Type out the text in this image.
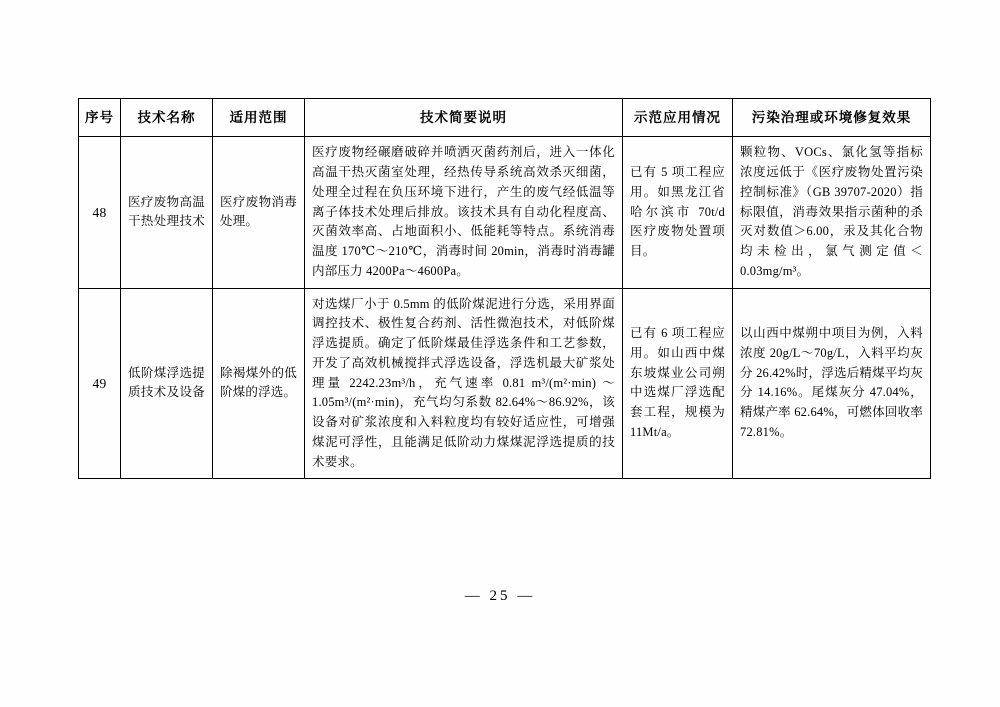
序号	技术名称	适用范围	技术简要说明	示范应用情况	污染治理或环境修复效果
48	医疗废物高温干热处理技术	医疗废物消毒处理。	医疗废物经碾磨破碎并喷洒灭菌药剂后，进入一体化高温干热灭菌室处理，经热传导系统高效杀灭细菌，处理全过程在负压环境下进行，产生的废气经低温等离子体技术处理后排放。该技术具有自动化程度高、灭菌效率高、占地面积小、低能耗等特点。系统消毒温度 170℃～210℃，消毒时间 20min，消毒时消毒罐内部压力 4200Pa～4600Pa。	已有 5 项工程应用。如黑龙江省哈尔滨市 70t/d 医疗废物处置项目。	颗粒物、VOCs、氯化氢等指标浓度远低于《医疗废物处置污染控制标准》（GB 39707-2020）指标限值，消毒效果指示菌种的杀灭对数值＞6.00，汞及其化合物均未检出，氯气测定值＜0.03mg/m³。
49	低阶煤浮选提质技术及设备	除褐煤外的低阶煤的浮选。	对选煤厂小于 0.5mm 的低阶煤泥进行分选，采用界面调控技术、极性复合药剂、活性微泡技术，对低阶煤浮选提质。确定了低阶煤最佳浮选条件和工艺参数，开发了高效机械搅拌式浮选设备，浮选机最大矿浆处理量 2242.23m³/h，充气速率 0.81 m³/(m²·min) ～1.05m³/(m²·min)，充气均匀系数 82.64%～86.92%，该设备对矿浆浓度和入料粒度均有较好适应性，可增强煤泥可浮性，且能满足低阶动力煤煤泥浮选提质的技术要求。	已有 6 项工程应用。如山西中煤东坡煤业公司朔中选煤厂浮选配套工程，规模为 11Mt/a。	以山西中煤朔中项目为例，入料浓度 20g/L～70g/L，入料平均灰分 26.42%时，浮选后精煤平均灰分 14.16%。尾煤灰分 47.04%，精煤产率 62.64%，可燃体回收率 72.81%。
— 25 —
